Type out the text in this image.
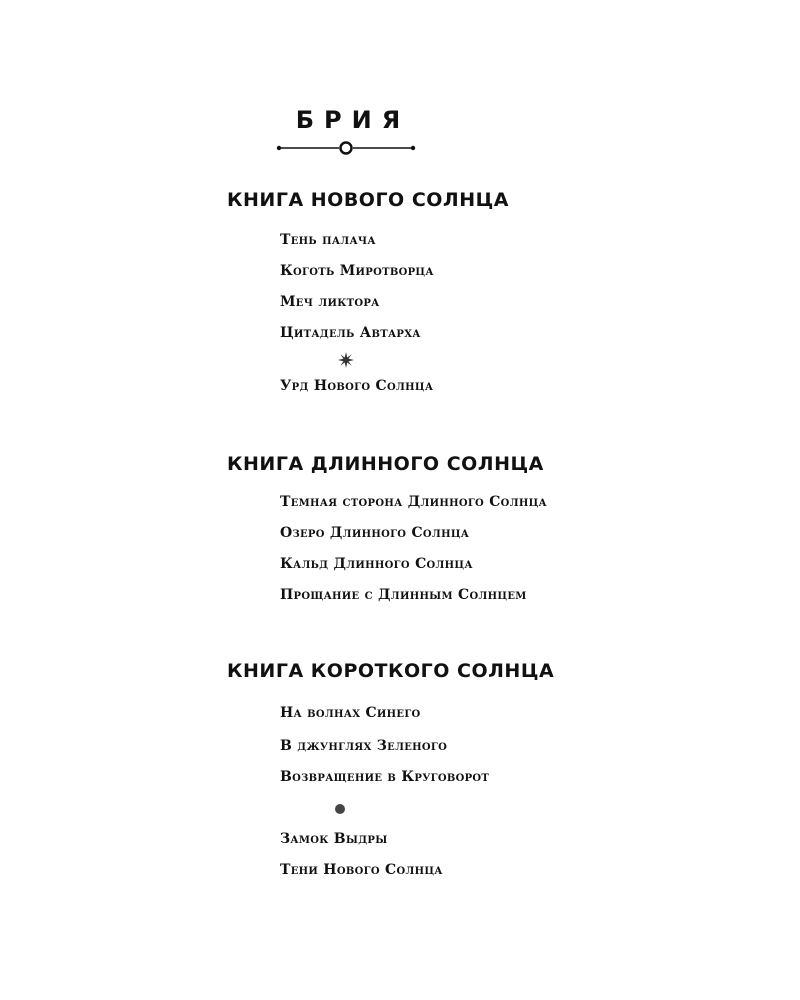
БРИЯ
КНИГА НОВОГО СОЛНЦА
Тень палача
Коготь Миротворца
Меч ликтора
Цитадель Автарха
Урд Нового Солнца
КНИГА ДЛИННОГО СОЛНЦА
Темная сторона Длинного Солнца
Озеро Длинного Солнца
Кальд Длинного Солнца
Прощание с Длинным Солнцем
КНИГА КОРОТКОГО СОЛНЦА
На волнах Синего
В джунглях Зеленого
Возвращение в Круговорот
Замок Выдры
Тени Нового Солнца
